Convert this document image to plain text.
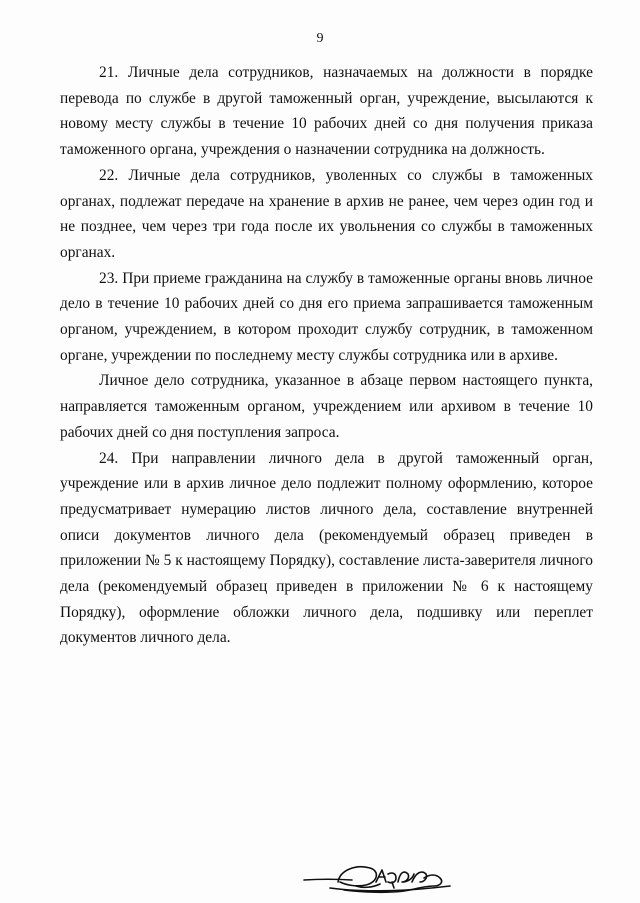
9

21. Личные дела сотрудников, назначаемых на должности в порядке перевода по службе в другой таможенный орган, учреждение, высылаются к новому месту службы в течение 10 рабочих дней со дня получения приказа таможенного органа, учреждения о назначении сотрудника на должность.

22. Личные дела сотрудников, уволенных со службы в таможенных органах, подлежат передаче на хранение в архив не ранее, чем через один год и не позднее, чем через три года после их увольнения со службы в таможенных органах.

23. При приеме гражданина на службу в таможенные органы вновь личное дело в течение 10 рабочих дней со дня его приема запрашивается таможенным органом, учреждением, в котором проходит службу сотрудник, в таможенном органе, учреждении по последнему месту службы сотрудника или в архиве.

Личное дело сотрудника, указанное в абзаце первом настоящего пункта, направляется таможенным органом, учреждением или архивом в течение 10 рабочих дней со дня поступления запроса.

24. При направлении личного дела в другой таможенный орган, учреждение или в архив личное дело подлежит полному оформлению, которое предусматривает нумерацию листов личного дела, составление внутренней описи документов личного дела (рекомендуемый образец приведен в приложении № 5 к настоящему Порядку), составление листа-заверителя личного дела (рекомендуемый образец приведен в приложении № 6 к настоящему Порядку), оформление обложки личного дела, подшивку или переплет документов личного дела.
